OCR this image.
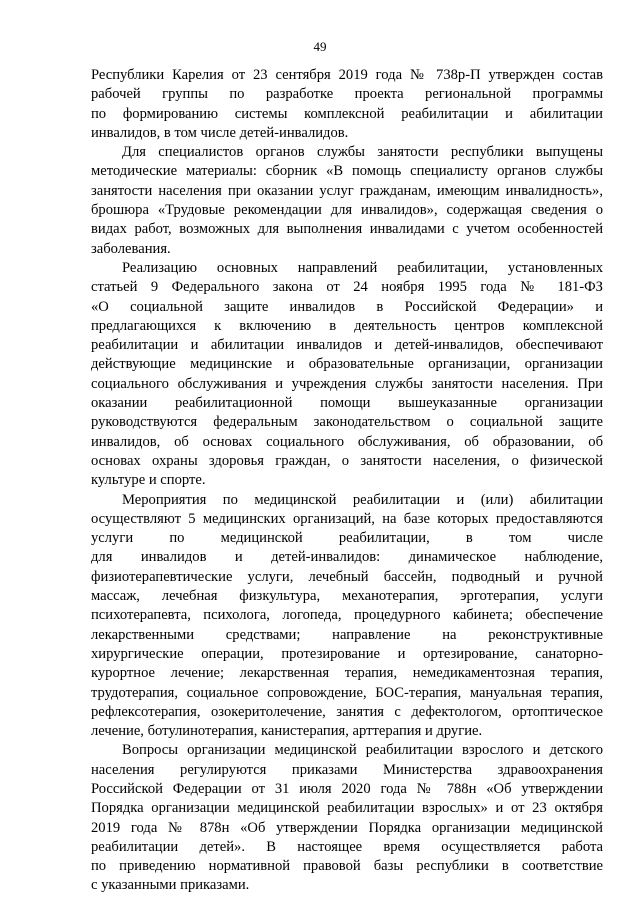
49
Республики Карелия от 23 сентября 2019 года № 738р-П утвержден состав
рабочей группы по разработке проекта региональной программы
по формированию системы комплексной реабилитации и абилитации
инвалидов, в том числе детей-инвалидов.
Для специалистов органов службы занятости республики выпущены
методические материалы: сборник «В помощь специалисту органов службы
занятости населения при оказании услуг гражданам, имеющим инвалидность»,
брошюра «Трудовые рекомендации для инвалидов», содержащая сведения о
видах работ, возможных для выполнения инвалидами с учетом особенностей
заболевания.
Реализацию основных направлений реабилитации, установленных
статьей 9 Федерального закона от 24 ноября 1995 года № 181-ФЗ
«О социальной защите инвалидов в Российской Федерации» и
предлагающихся к включению в деятельность центров комплексной
реабилитации и абилитации инвалидов и детей-инвалидов, обеспечивают
действующие медицинские и образовательные организации, организации
социального обслуживания и учреждения службы занятости населения. При
оказании реабилитационной помощи вышеуказанные организации
руководствуются федеральным законодательством о социальной защите
инвалидов, об основах социального обслуживания, об образовании, об
основах охраны здоровья граждан, о занятости населения, о физической
культуре и спорте.
Мероприятия по медицинской реабилитации и (или) абилитации
осуществляют 5 медицинских организаций, на базе которых предоставляются
услуги по медицинской реабилитации, в том числе
для инвалидов и детей-инвалидов: динамическое наблюдение,
физиотерапевтические услуги, лечебный бассейн, подводный и ручной
массаж, лечебная физкультура, механотерапия, эрготерапия, услуги
психотерапевта, психолога, логопеда, процедурного кабинета; обеспечение
лекарственными средствами; направление на реконструктивные
хирургические операции, протезирование и ортезирование, санаторно-
курортное лечение; лекарственная терапия, немедикаментозная терапия,
трудотерапия, социальное сопровождение, БОС-терапия, мануальная терапия,
рефлексотерапия, озокеритолечение, занятия с дефектологом, ортоптическое
лечение, ботулинотерапия, канистерапия, арттерапия и другие.
Вопросы организации медицинской реабилитации взрослого и детского
населения регулируются приказами Министерства здравоохранения
Российской Федерации от 31 июля 2020 года № 788н «Об утверждении
Порядка организации медицинской реабилитации взрослых» и от 23 октября
2019 года № 878н «Об утверждении Порядка организации медицинской
реабилитации детей». В настоящее время осуществляется работа
по приведению нормативной правовой базы республики в соответствие
с указанными приказами.
